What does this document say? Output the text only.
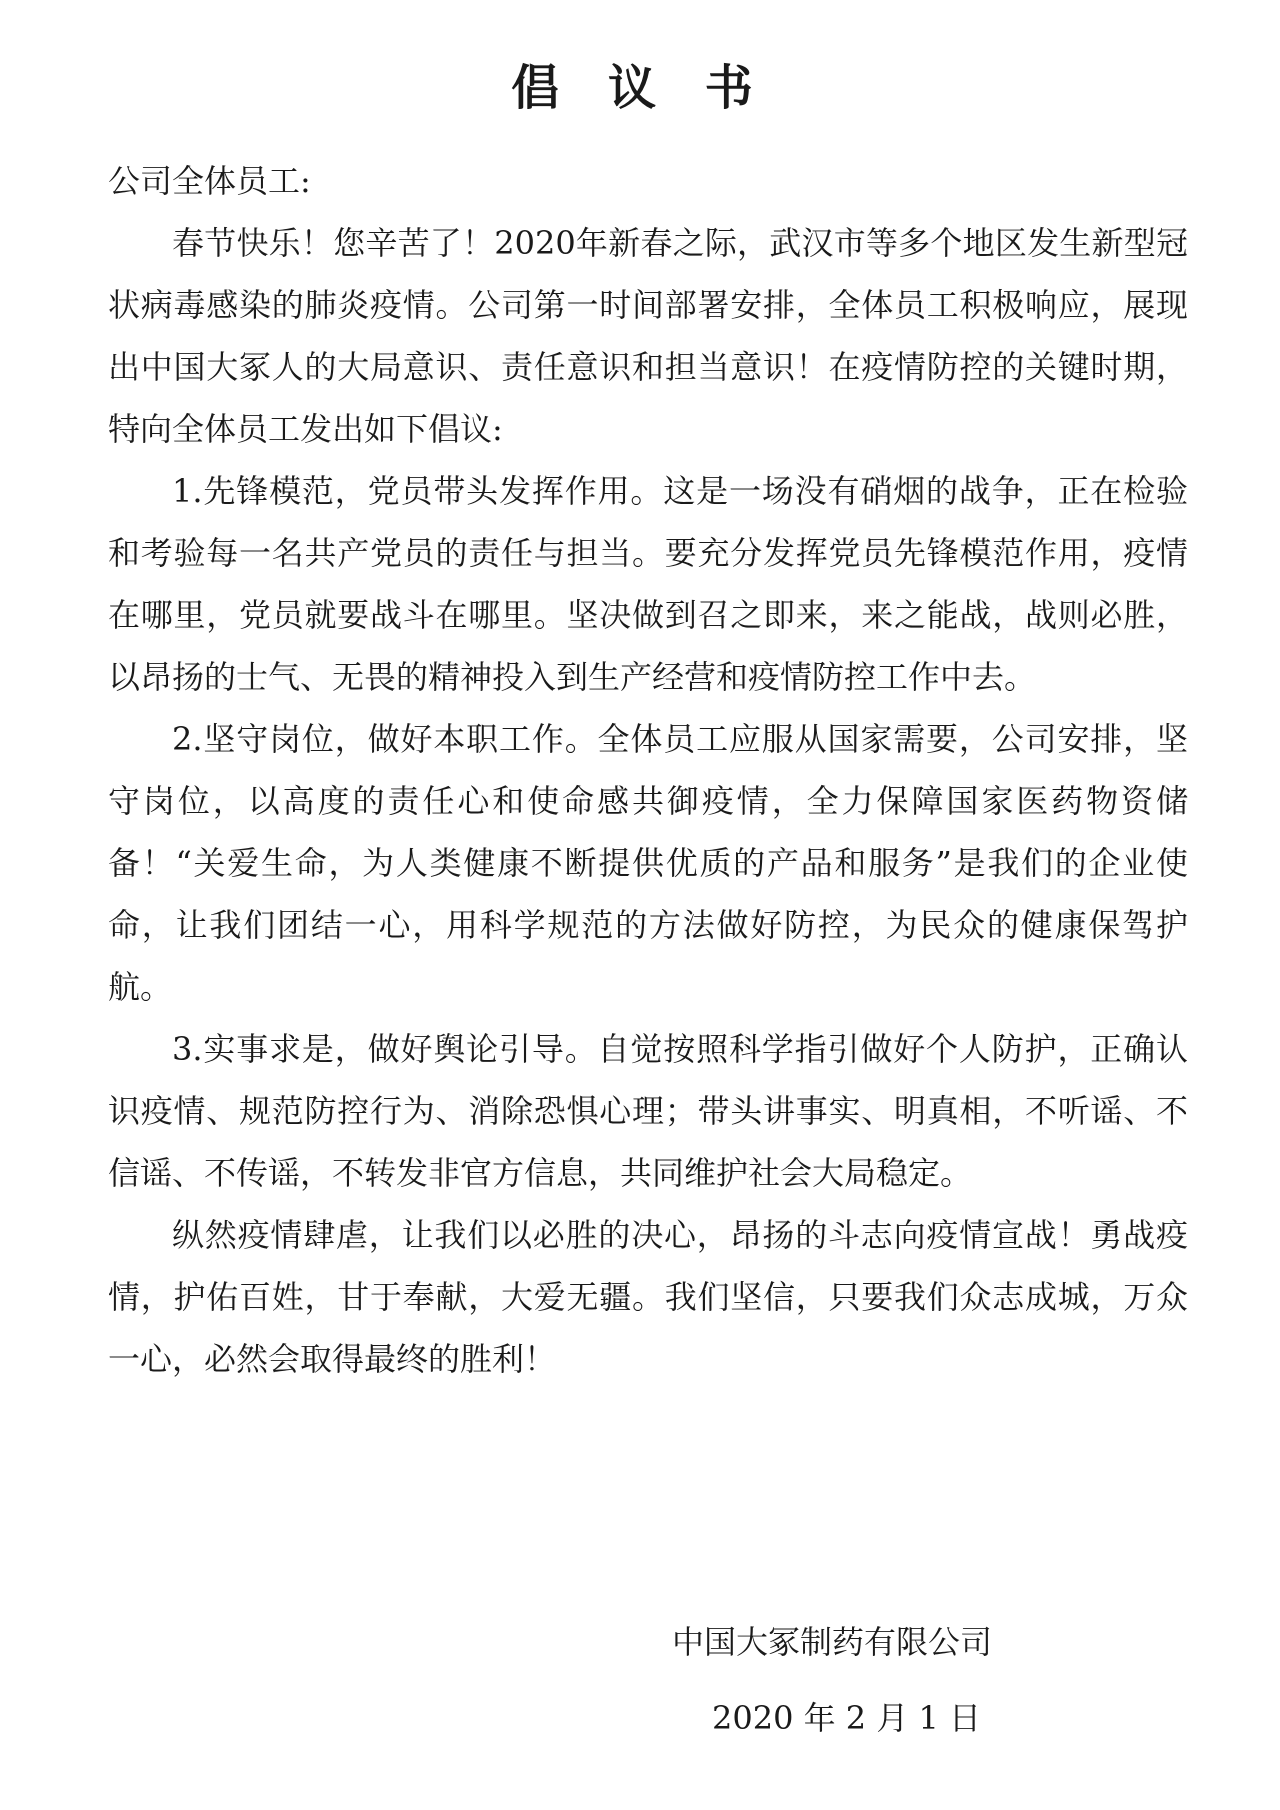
倡 议 书

公司全体员工:

春节快乐！您辛苦了！2020年新春之际，武汉市等多个地区发生新型冠状病毒感染的肺炎疫情。公司第一时间部署安排，全体员工积极响应，展现出中国大冢人的大局意识、责任意识和担当意识！在疫情防控的关键时期，特向全体员工发出如下倡议:

1.先锋模范，党员带头发挥作用。这是一场没有硝烟的战争，正在检验和考验每一名共产党员的责任与担当。要充分发挥党员先锋模范作用，疫情在哪里，党员就要战斗在哪里。坚决做到召之即来，来之能战，战则必胜，以昂扬的士气、无畏的精神投入到生产经营和疫情防控工作中去。

2.坚守岗位，做好本职工作。全体员工应服从国家需要，公司安排，坚守岗位，以高度的责任心和使命感共御疫情，全力保障国家医药物资储备！“关爱生命，为人类健康不断提供优质的产品和服务”是我们的企业使命，让我们团结一心，用科学规范的方法做好防控，为民众的健康保驾护航。

3.实事求是，做好舆论引导。自觉按照科学指引做好个人防护，正确认识疫情、规范防控行为、消除恐惧心理；带头讲事实、明真相，不听谣、不信谣、不传谣，不转发非官方信息，共同维护社会大局稳定。

纵然疫情肆虐，让我们以必胜的决心，昂扬的斗志向疫情宣战！勇战疫情，护佑百姓，甘于奉献，大爱无疆。我们坚信，只要我们众志成城，万众一心，必然会取得最终的胜利！

中国大冢制药有限公司
2020 年 2 月 1 日
